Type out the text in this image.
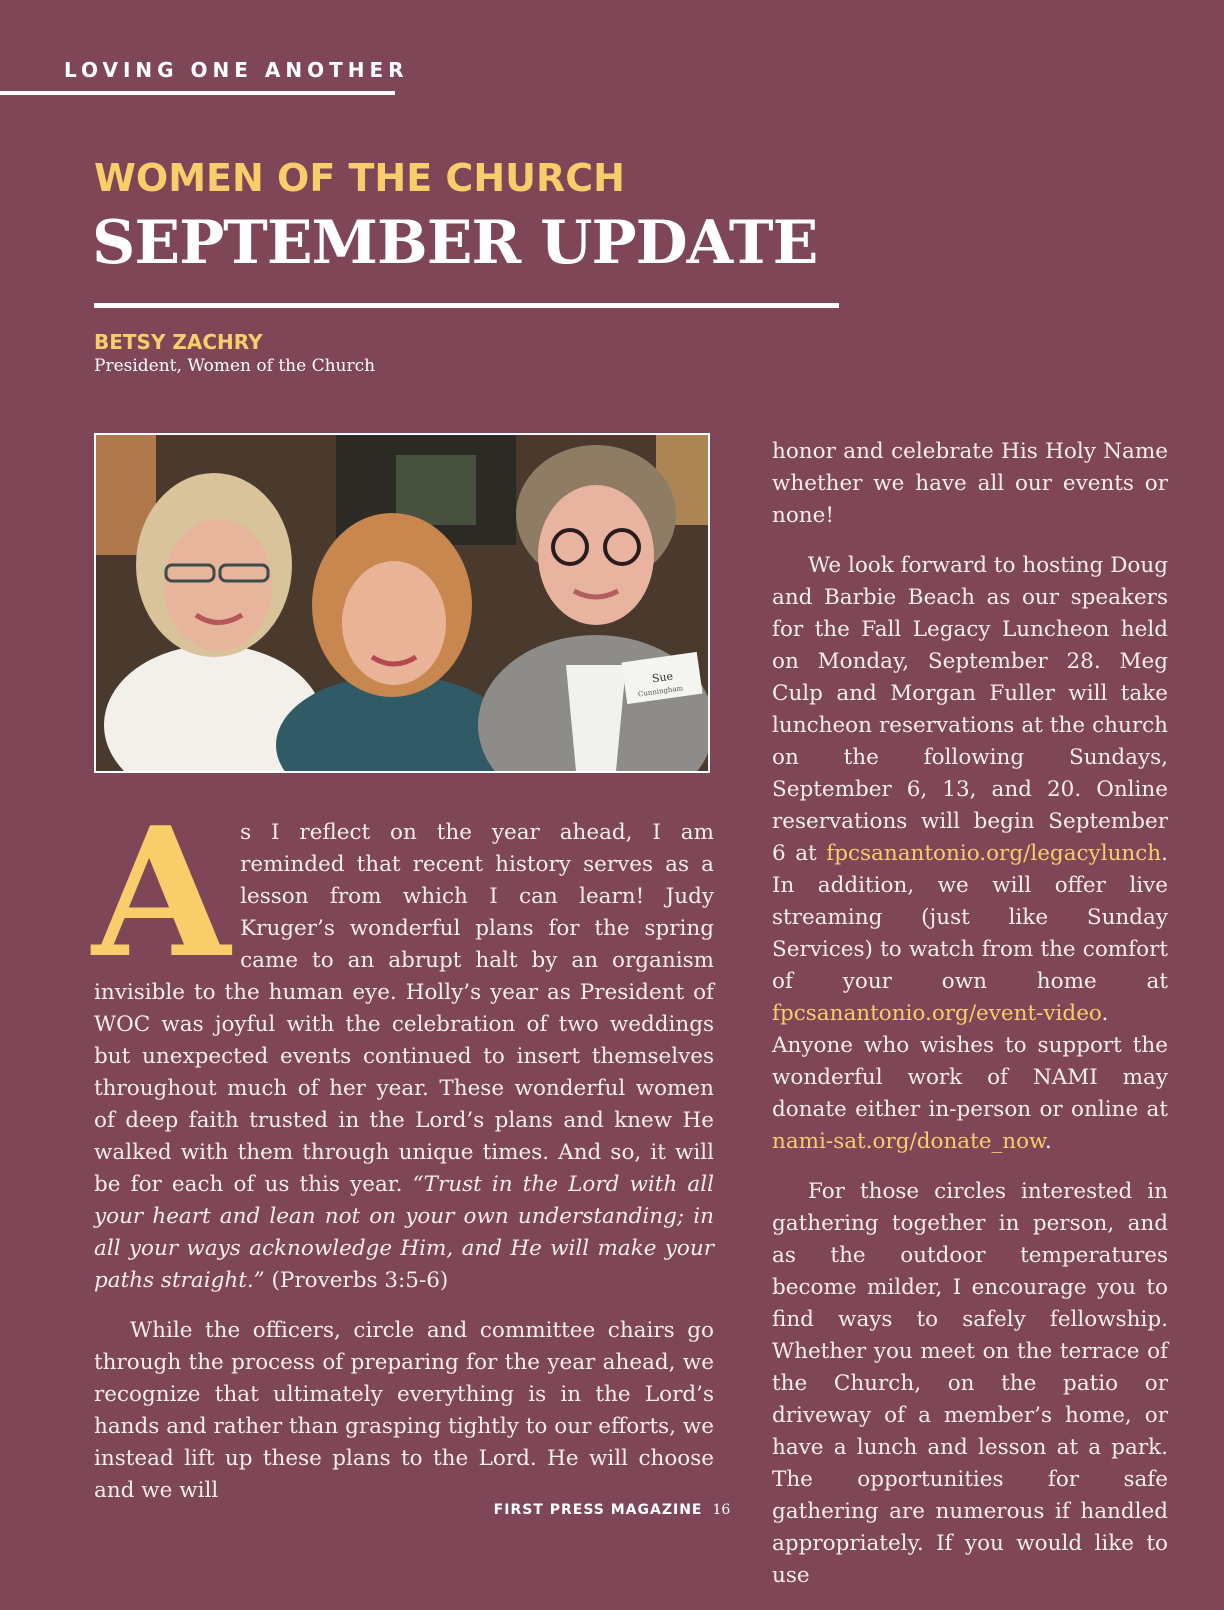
LOVING ONE ANOTHER
WOMEN OF THE CHURCH
SEPTEMBER UPDATE
BETSY ZACHRY
President, Women of the Church
Sue
Cunningham

As I reflect on the year ahead, I am reminded that recent history serves as a lesson from which I can learn! Judy Kruger’s wonderful plans for the spring came to an abrupt halt by an organism invisible to the human eye. Holly’s year as President of WOC was joyful with the celebration of two weddings but unexpected events continued to insert themselves throughout much of her year. These wonderful women of deep faith trusted in the Lord’s plans and knew He walked with them through unique times. And so, it will be for each of us this year. “Trust in the Lord with all your heart and lean not on your own understanding; in all your ways acknowledge Him, and He will make your paths straight.” (Proverbs 3:5-6)

While the officers, circle and committee chairs go through the process of preparing for the year ahead, we recognize that ultimately everything is in the Lord’s hands and rather than grasping tightly to our efforts, we instead lift up these plans to the Lord. He will choose and we will

honor and celebrate His Holy Name whether we have all our events or none!

We look forward to hosting Doug and Barbie Beach as our speakers for the Fall Legacy Luncheon held on Monday, September 28. Meg Culp and Morgan Fuller will take luncheon reservations at the church on the following Sundays, September 6, 13, and 20. Online reservations will begin September 6 at fpcsanantonio.org/legacylunch. In addition, we will offer live streaming (just like Sunday Services) to watch from the comfort of your own home at fpcsanantonio.org/event-video. Anyone who wishes to support the wonderful work of NAMI may donate either in-person or online at nami-sat.org/donate_now.

For those circles interested in gathering together in person, and as the outdoor temperatures become milder, I encourage you to find ways to safely fellowship. Whether you meet on the terrace of the Church, on the patio or driveway of a member’s home, or have a lunch and lesson at a park. The opportunities for safe gathering are numerous if handled appropriately. If you would like to use

FIRST PRESS MAGAZINE 16
